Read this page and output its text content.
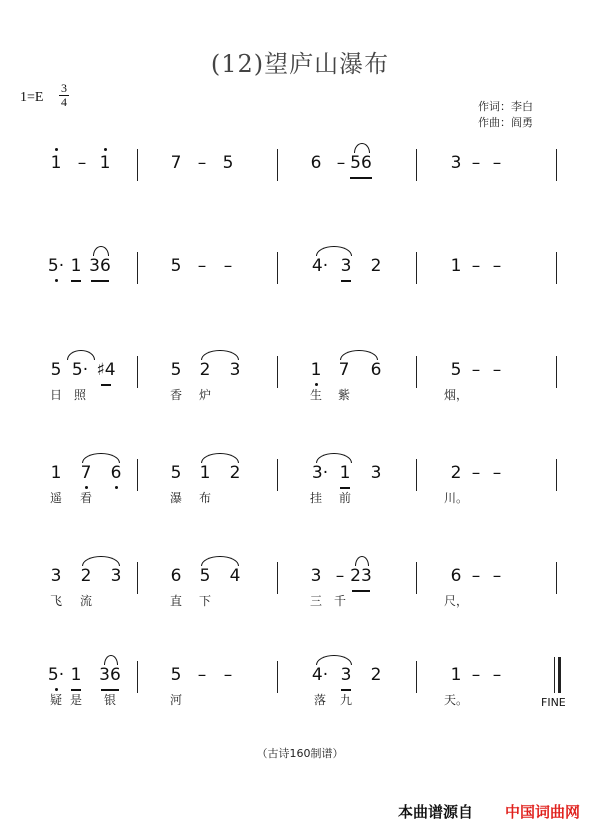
(12)望庐山瀑布
1=E
3
4	作词：李白
作曲：阎勇
1 – 1	7 – 5	6 – 56	3 – –
5· 1 36	5 – –	4· 3 2	1 – –
5 5· ♯4	5 2 3	1 7 6	5 – –
日 照	香 炉	生 紫	烟，
1 7 6	5 1 2	3· 1 3	2 – –
遥 看	瀑 布	挂 前	川。
3 2 3	6 5 4	3 – 23	6 – –
飞 流	直 下	三 千	尺，
5· 1 36	5 – –	4· 3 2	1 – –
疑 是 银	河	落 九	天。	FINE
（古诗160制谱）
本曲谱源自 中国词曲网
